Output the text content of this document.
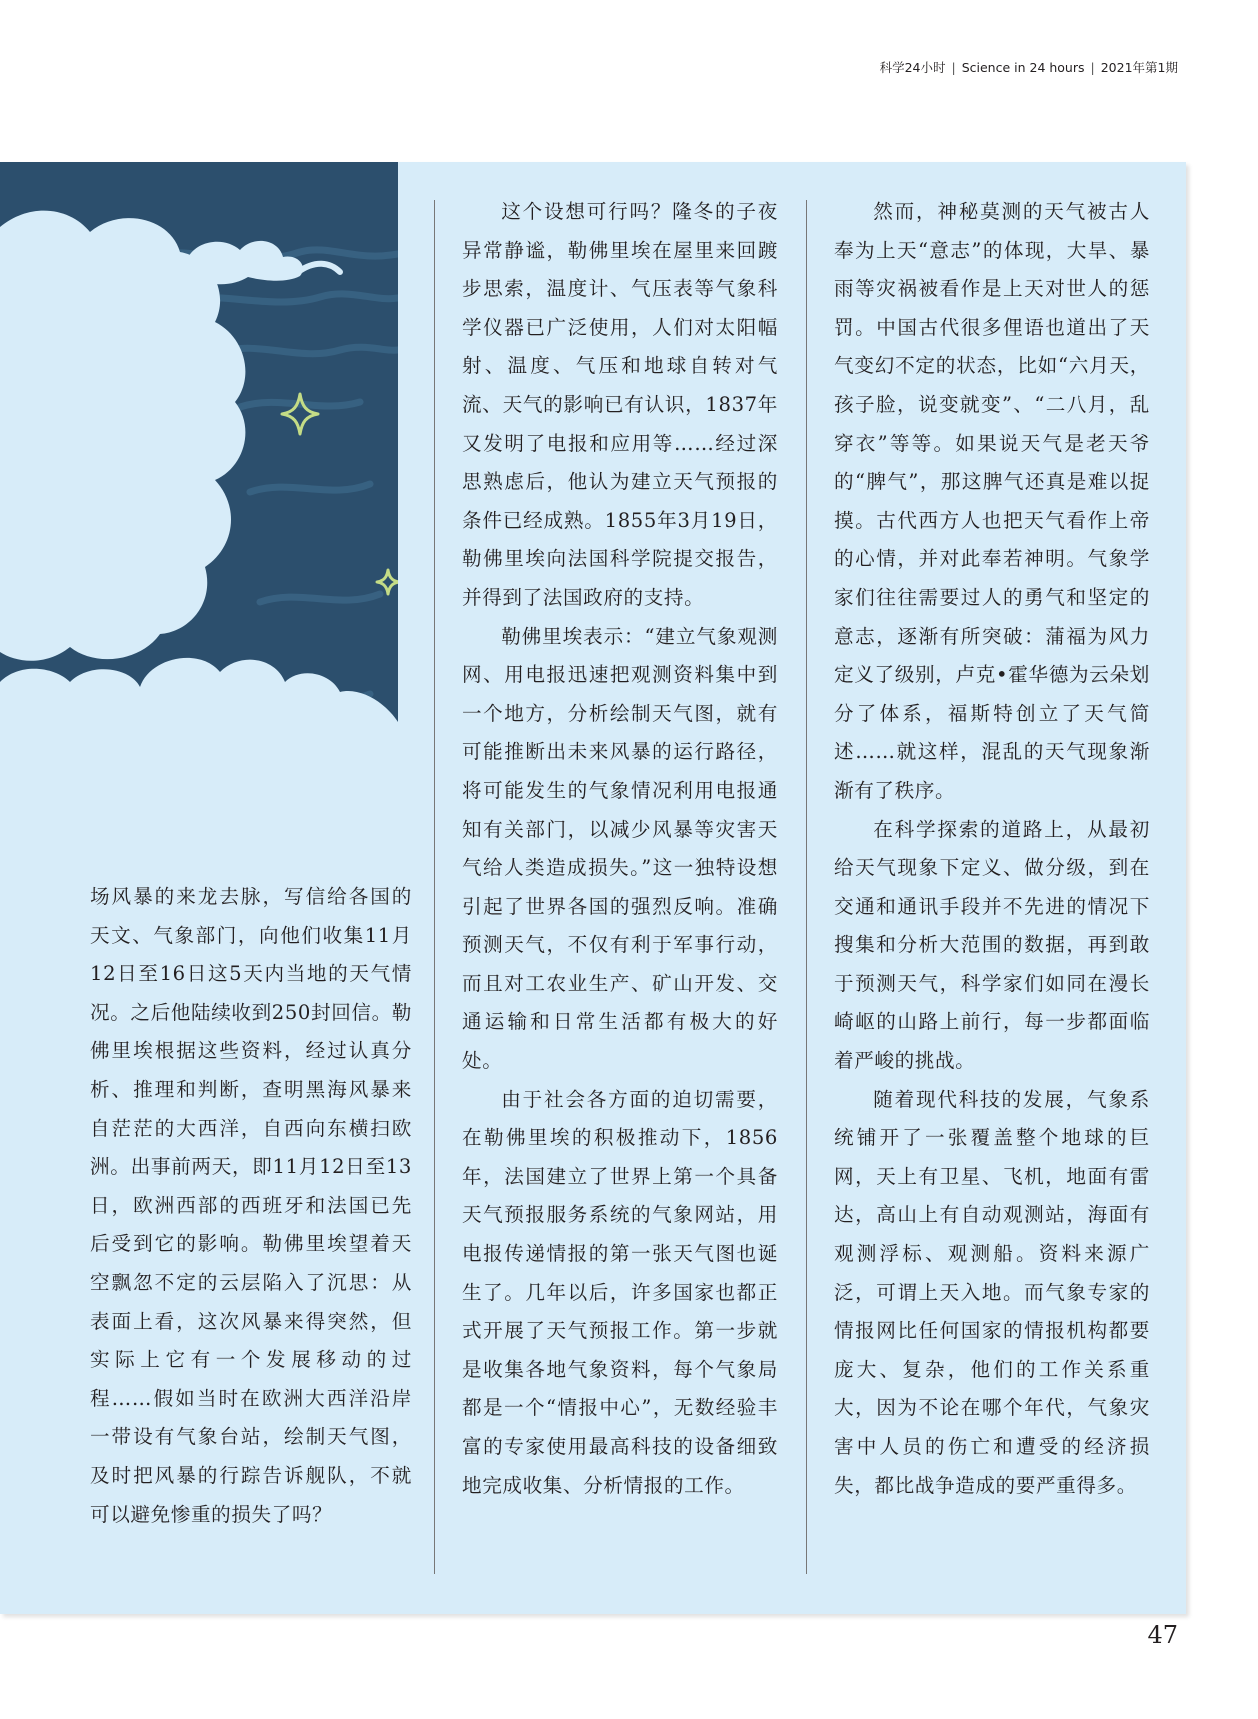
科学24小时 | Science in 24 hours | 2021年第1期

场风暴的来龙去脉，写信给各国的天文、气象部门，向他们收集11月12日至16日这5天内当地的天气情况。之后他陆续收到250封回信。勒佛里埃根据这些资料，经过认真分析、推理和判断，查明黑海风暴来自茫茫的大西洋，自西向东横扫欧洲。出事前两天，即11月12日至13日，欧洲西部的西班牙和法国已先后受到它的影响。勒佛里埃望着天空飘忽不定的云层陷入了沉思：从表面上看，这次风暴来得突然，但实际上它有一个发展移动的过程……假如当时在欧洲大西洋沿岸一带设有气象台站，绘制天气图，及时把风暴的行踪告诉舰队，不就可以避免惨重的损失了吗？

这个设想可行吗？隆冬的子夜异常静谧，勒佛里埃在屋里来回踱步思索，温度计、气压表等气象科学仪器已广泛使用，人们对太阳幅射、温度、气压和地球自转对气流、天气的影响已有认识，1837年又发明了电报和应用等……经过深思熟虑后，他认为建立天气预报的条件已经成熟。1855年3月19日，勒佛里埃向法国科学院提交报告，并得到了法国政府的支持。

勒佛里埃表示：“建立气象观测网、用电报迅速把观测资料集中到一个地方，分析绘制天气图，就有可能推断出未来风暴的运行路径，将可能发生的气象情况利用电报通知有关部门，以减少风暴等灾害天气给人类造成损失。”这一独特设想引起了世界各国的强烈反响。准确预测天气，不仅有利于军事行动，而且对工农业生产、矿山开发、交通运输和日常生活都有极大的好处。

由于社会各方面的迫切需要，在勒佛里埃的积极推动下，1856年，法国建立了世界上第一个具备天气预报服务系统的气象网站，用电报传递情报的第一张天气图也诞生了。几年以后，许多国家也都正式开展了天气预报工作。第一步就是收集各地气象资料，每个气象局都是一个“情报中心”，无数经验丰富的专家使用最高科技的设备细致地完成收集、分析情报的工作。

然而，神秘莫测的天气被古人奉为上天“意志”的体现，大旱、暴雨等灾祸被看作是上天对世人的惩罚。中国古代很多俚语也道出了天气变幻不定的状态，比如“六月天，孩子脸，说变就变”、“二八月，乱穿衣”等等。如果说天气是老天爷的“脾气”，那这脾气还真是难以捉摸。古代西方人也把天气看作上帝的心情，并对此奉若神明。气象学家们往往需要过人的勇气和坚定的意志，逐渐有所突破：蒲福为风力定义了级别，卢克•霍华德为云朵划分了体系，福斯特创立了天气简述……就这样，混乱的天气现象渐渐有了秩序。

在科学探索的道路上，从最初给天气现象下定义、做分级，到在交通和通讯手段并不先进的情况下搜集和分析大范围的数据，再到敢于预测天气，科学家们如同在漫长崎岖的山路上前行，每一步都面临着严峻的挑战。

随着现代科技的发展，气象系统铺开了一张覆盖整个地球的巨网，天上有卫星、飞机，地面有雷达，高山上有自动观测站，海面有观测浮标、观测船。资料来源广泛，可谓上天入地。而气象专家的情报网比任何国家的情报机构都要庞大、复杂，他们的工作关系重大，因为不论在哪个年代，气象灾害中人员的伤亡和遭受的经济损失，都比战争造成的要严重得多。

47
